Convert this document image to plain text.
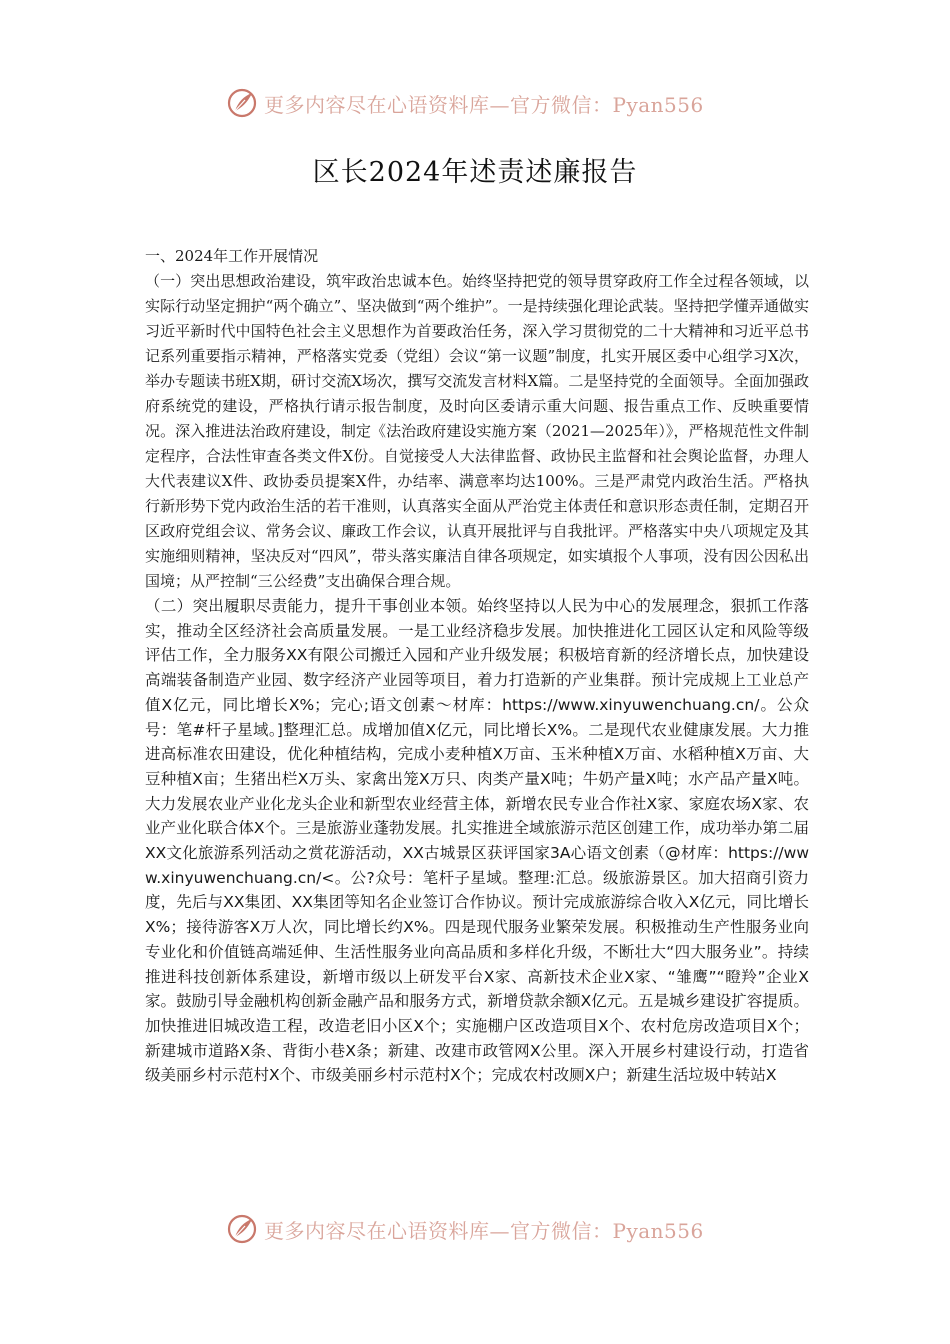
更多内容尽在心语资料库—官方微信：Pyan556
区长2024年述责述廉报告

一、2024年工作开展情况

（一）突出思想政治建设，筑牢政治忠诚本色。始终坚持把党的领导贯穿政府工作全过程各领域，以实际行动坚定拥护“两个确立”、坚决做到“两个维护”。一是持续强化理论武装。坚持把学懂弄通做实习近平新时代中国特色社会主义思想作为首要政治任务，深入学习贯彻党的二十大精神和习近平总书记系列重要指示精神，严格落实党委（党组）会议“第一议题”制度，扎实开展区委中心组学习X次，举办专题读书班X期，研讨交流X场次，撰写交流发言材料X篇。二是坚持党的全面领导。全面加强政府系统党的建设，严格执行请示报告制度，及时向区委请示重大问题、报告重点工作、反映重要情况。深入推进法治政府建设，制定《法治政府建设实施方案（2021—2025年）》，严格规范性文件制定程序，合法性审查各类文件X份。自觉接受人大法律监督、政协民主监督和社会舆论监督，办理人大代表建议X件、政协委员提案X件，办结率、满意率均达100%。三是严肃党内政治生活。严格执行新形势下党内政治生活的若干准则，认真落实全面从严治党主体责任和意识形态责任制，定期召开区政府党组会议、常务会议、廉政工作会议，认真开展批评与自我批评。严格落实中央八项规定及其实施细则精神，坚决反对“四风”，带头落实廉洁自律各项规定，如实填报个人事项，没有因公因私出国境；从严控制“三公经费”支出确保合理合规。

（二）突出履职尽责能力，提升干事创业本领。始终坚持以人民为中心的发展理念，狠抓工作落实，推动全区经济社会高质量发展。一是工业经济稳步发展。加快推进化工园区认定和风险等级评估工作，全力服务XX有限公司搬迁入园和产业升级发展；积极培育新的经济增长点，加快建设高端装备制造产业园、数字经济产业园等项目，着力打造新的产业集群。预计完成规上工业总产值X亿元，同比增长X%；完心;语文创素～材库：https://www.xinyuwenchuang.cn/。公众号：笔#杆子星域。]整理汇总。成增加值X亿元，同比增长X%。二是现代农业健康发展。大力推进高标准农田建设，优化种植结构，完成小麦种植X万亩、玉米种植X万亩、水稻种植X万亩、大豆种植X亩；生猪出栏X万头、家禽出笼X万只、肉类产量X吨；牛奶产量X吨；水产品产量X吨。大力发展农业产业化龙头企业和新型农业经营主体，新增农民专业合作社X家、家庭农场X家、农业产业化联合体X个。三是旅游业蓬勃发展。扎实推进全域旅游示范区创建工作，成功举办第二届XX文化旅游系列活动之赏花游活动，XX古城景区获评国家3A心语文创素（@材库：https://www.xinyuwenchuang.cn/<。公?众号：笔杆子星域。整理:汇总。级旅游景区。加大招商引资力度，先后与XX集团、XX集团等知名企业签订合作协议。预计完成旅游综合收入X亿元，同比增长X%；接待游客X万人次，同比增长约X%。四是现代服务业繁荣发展。积极推动生产性服务业向专业化和价值链高端延伸、生活性服务业向高品质和多样化升级，不断壮大“四大服务业”。持续推进科技创新体系建设，新增市级以上研发平台X家、高新技术企业X家、“雏鹰”“瞪羚”企业X家。鼓励引导金融机构创新金融产品和服务方式，新增贷款余额X亿元。五是城乡建设扩容提质。加快推进旧城改造工程，改造老旧小区X个；实施棚户区改造项目X个、农村危房改造项目X个；新建城市道路X条、背街小巷X条；新建、改建市政管网X公里。深入开展乡村建设行动，打造省级美丽乡村示范村X个、市级美丽乡村示范村X个；完成农村改厕X户；新建生活垃圾中转站X

更多内容尽在心语资料库—官方微信：Pyan556
